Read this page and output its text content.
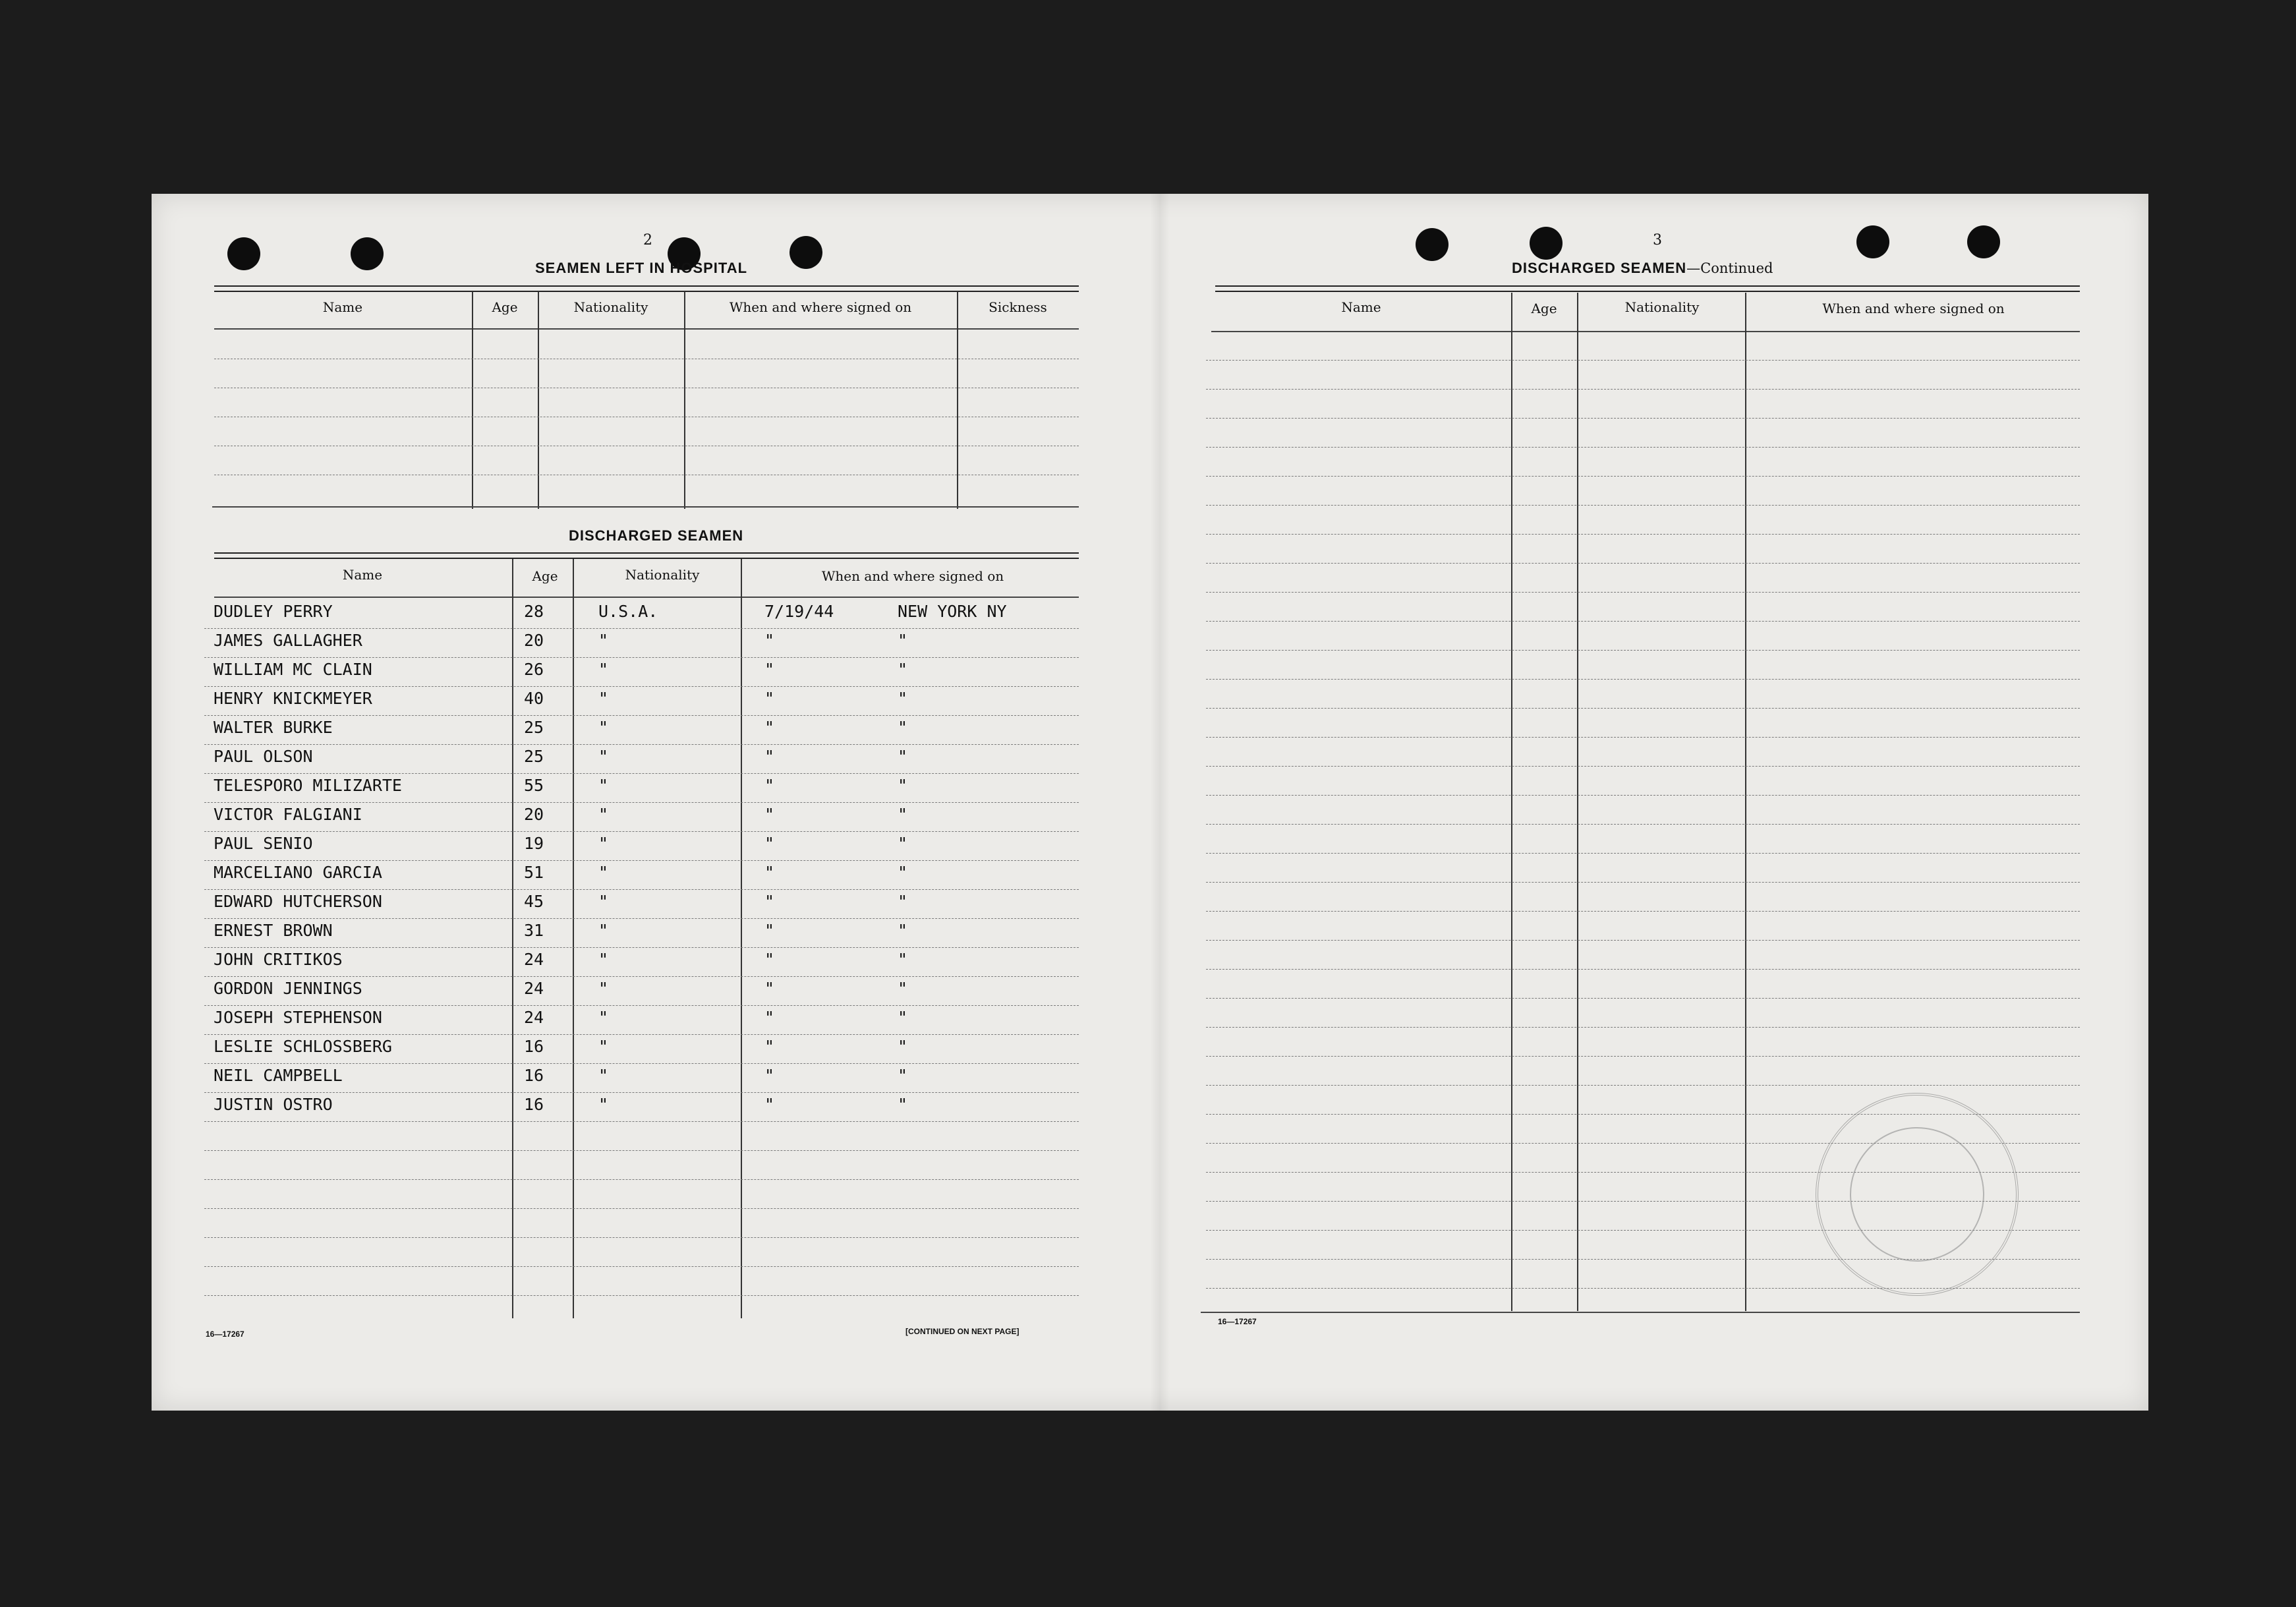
2
SEAMEN LEFT IN HOSPITAL
Name	Age	Nationality	When and where signed on	Sickness
DISCHARGED SEAMEN
Name	Age	Nationality	When and where signed on
DUDLEY PERRY	28	U.S.A.	7/19/44	NEW YORK NY
JAMES GALLAGHER	20	"	"	"
WILLIAM MC CLAIN	26	"	"	"
HENRY KNICKMEYER	40	"	"	"
WALTER BURKE	25	"	"	"
PAUL OLSON	25	"	"	"
TELESPORO MILIZARTE	55	"	"	"
VICTOR FALGIANI	20	"	"	"
PAUL SENIO	19	"	"	"
MARCELIANO GARCIA	51	"	"	"
EDWARD HUTCHERSON	45	"	"	"
ERNEST BROWN	31	"	"	"
JOHN CRITIKOS	24	"	"	"
GORDON JENNINGS	24	"	"	"
JOSEPH STEPHENSON	24	"	"	"
LESLIE SCHLOSSBERG	16	"	"	"
NEIL CAMPBELL	16	"	"	"
JUSTIN OSTRO	16	"	"	"
16—17267	[CONTINUED ON NEXT PAGE]
3
DISCHARGED SEAMEN—Continued
Name	Age	Nationality	When and where signed on
16—17267
